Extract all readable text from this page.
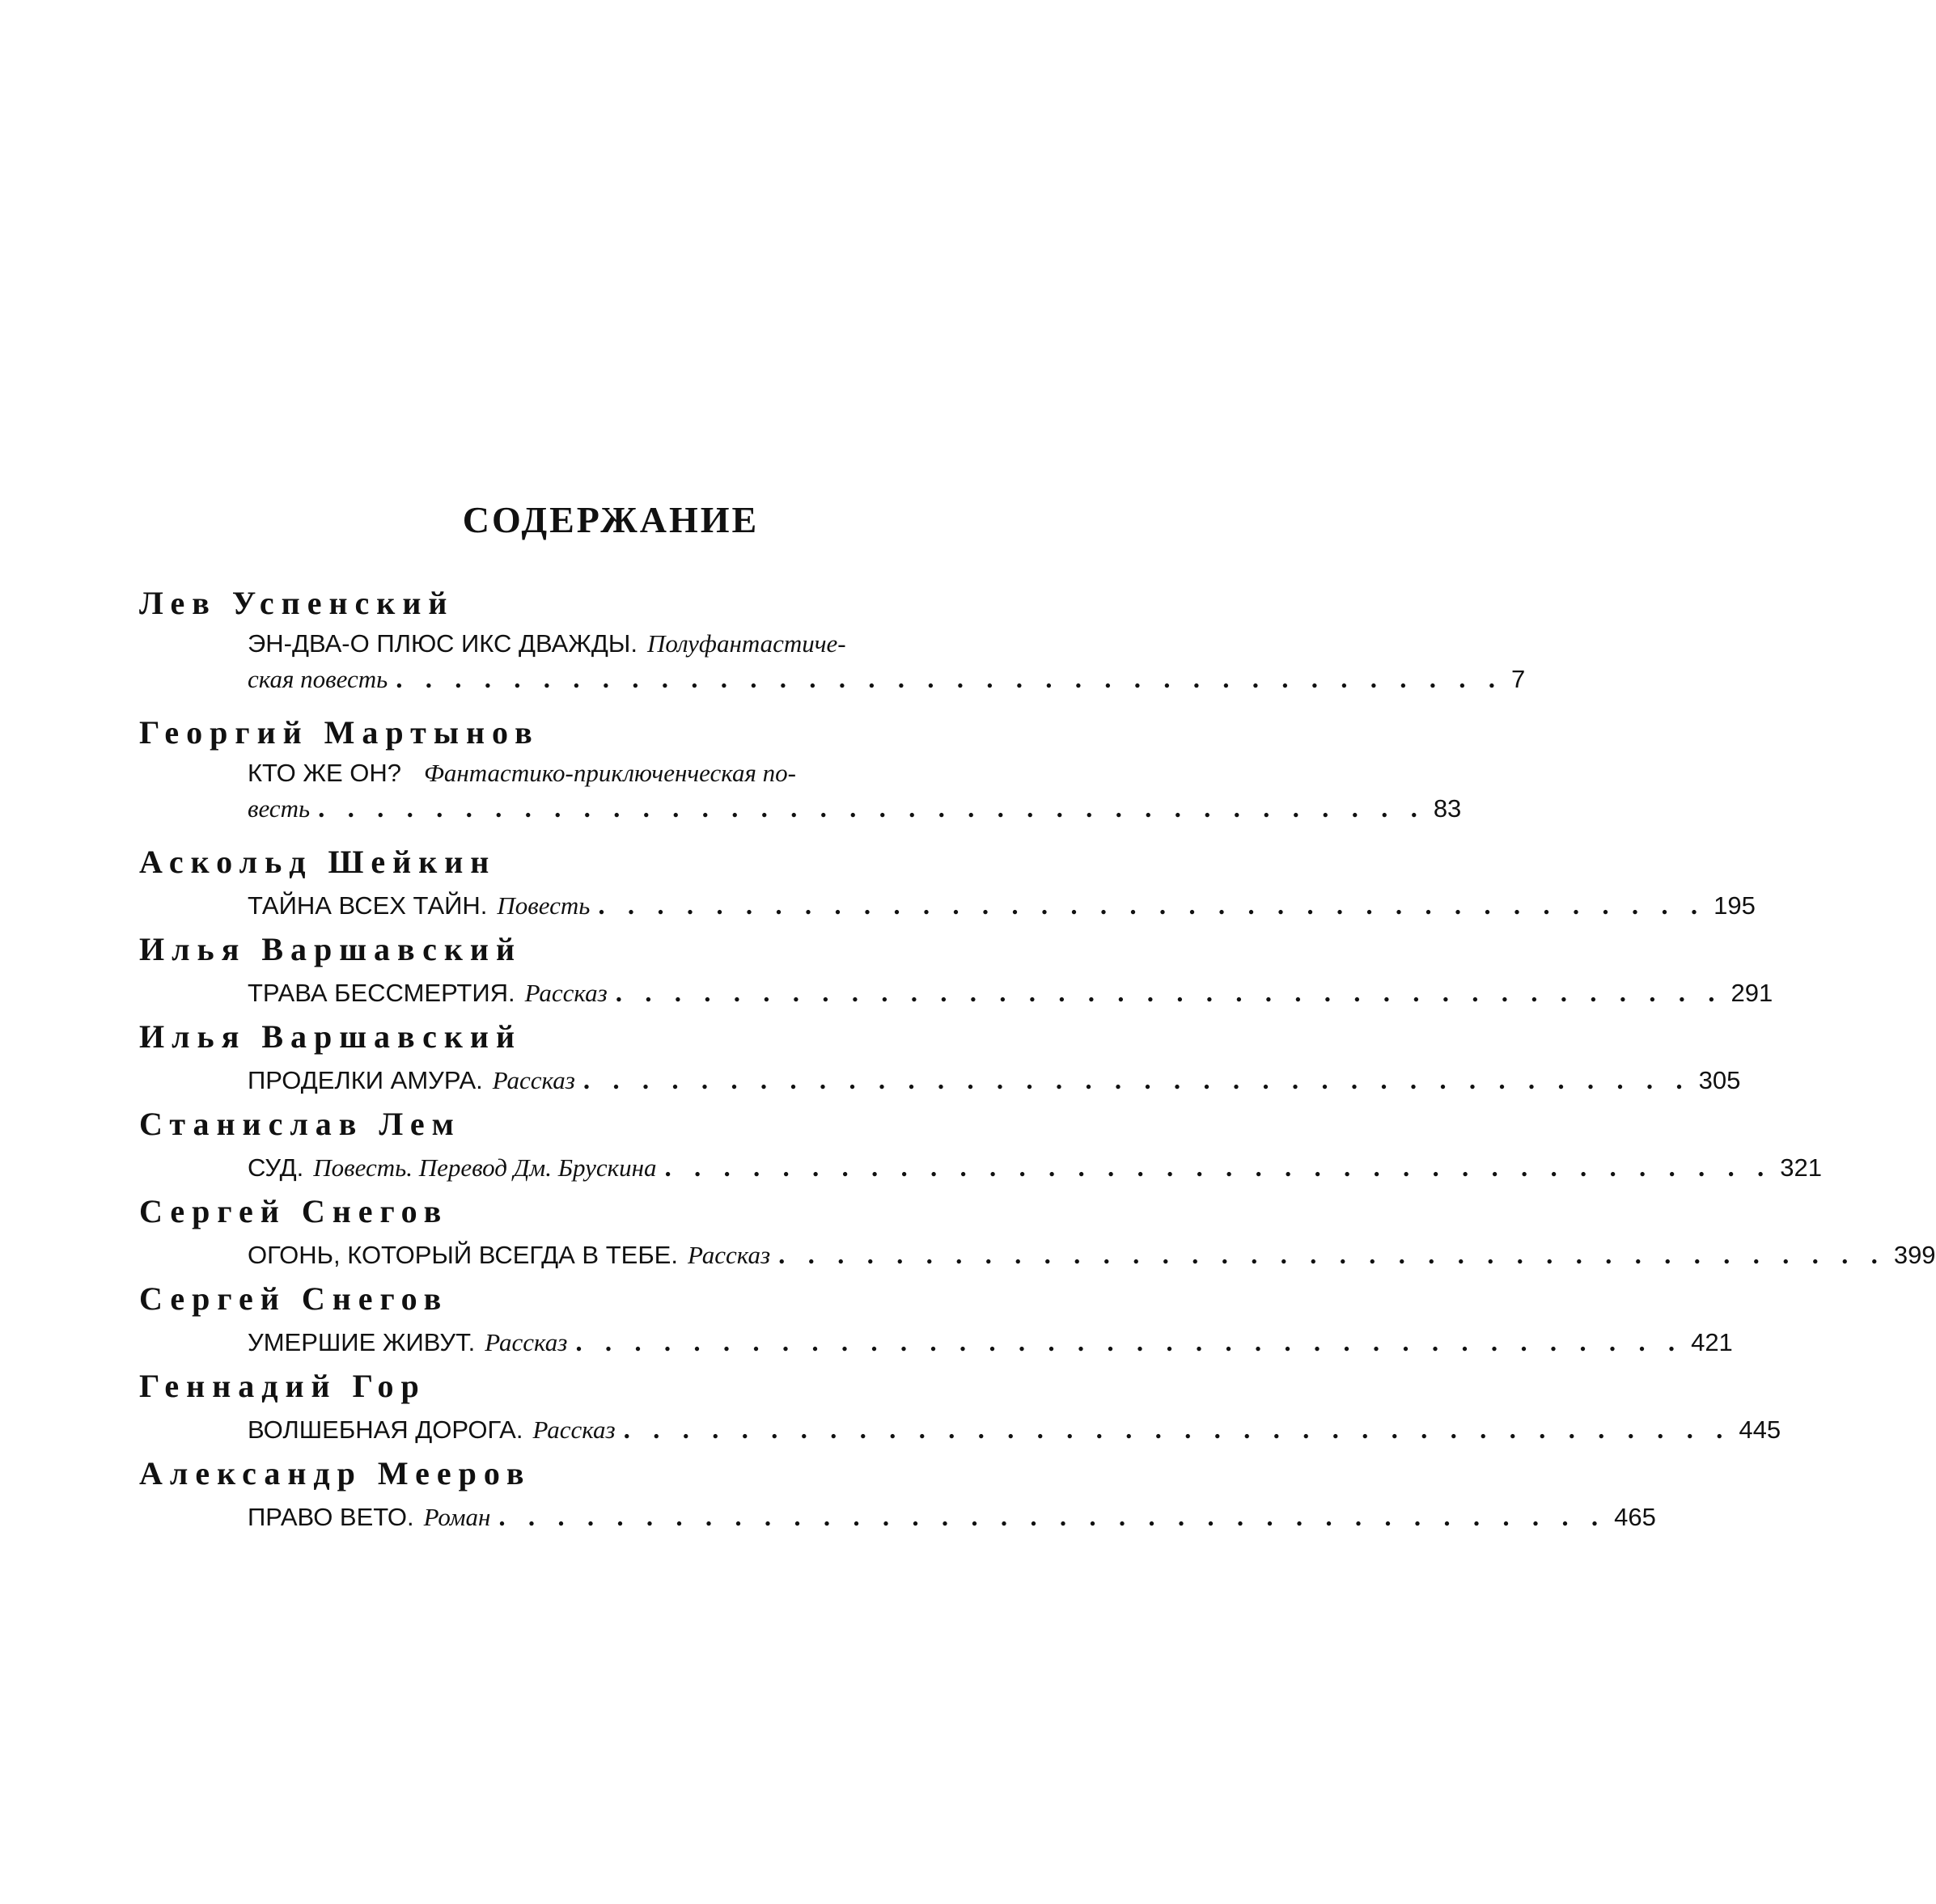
СОДЕРЖАНИЕ
Лев Успенский
ЭН-ДВА-О ПЛЮС ИКС ДВАЖДЫ. Полуфантастиче-
ская повесть . . . . . . . . . . . . . . . . . . . . . . . . . . . . . . . . . . . . . . 7
Георгий Мартынов
КТО ЖЕ ОН? Фантастико-приключенческая по-
весть . . . . . . . . . . . . . . . . . . . . . . . . . . . . . . . . . . . . . . 83
Аскольд Шейкин
ТАЙНА ВСЕХ ТАЙН. Повесть . . . . . . . . . . . . . . . . . . . . . . . . . . . . . . . . . . . . . . 195
Илья Варшавский
ТРАВА БЕССМЕРТИЯ. Рассказ . . . . . . . . . . . . . . . . . . . . . . . . . . . . . . . . . . . . . . 291
Илья Варшавский
ПРОДЕЛКИ АМУРА. Рассказ . . . . . . . . . . . . . . . . . . . . . . . . . . . . . . . . . . . . . . 305
Станислав Лем
СУД. Повесть. Перевод Дм. Брускина . . . . . . . . . . . . . . . . . . . . . . . . . . . . . . . . . . . . . . 321
Сергей Снегов
ОГОНЬ, КОТОРЫЙ ВСЕГДА В ТЕБЕ. Рассказ . . . . . . . . . . . . . . . . . . . . . . . . . . . . . . . . . . . . . . 399
Сергей Снегов
УМЕРШИЕ ЖИВУТ. Рассказ . . . . . . . . . . . . . . . . . . . . . . . . . . . . . . . . . . . . . . 421
Геннадий Гор
ВОЛШЕБНАЯ ДОРОГА. Рассказ . . . . . . . . . . . . . . . . . . . . . . . . . . . . . . . . . . . . . . 445
Александр Мееров
ПРАВО ВЕТО. Роман . . . . . . . . . . . . . . . . . . . . . . . . . . . . . . . . . . . . . . 465
